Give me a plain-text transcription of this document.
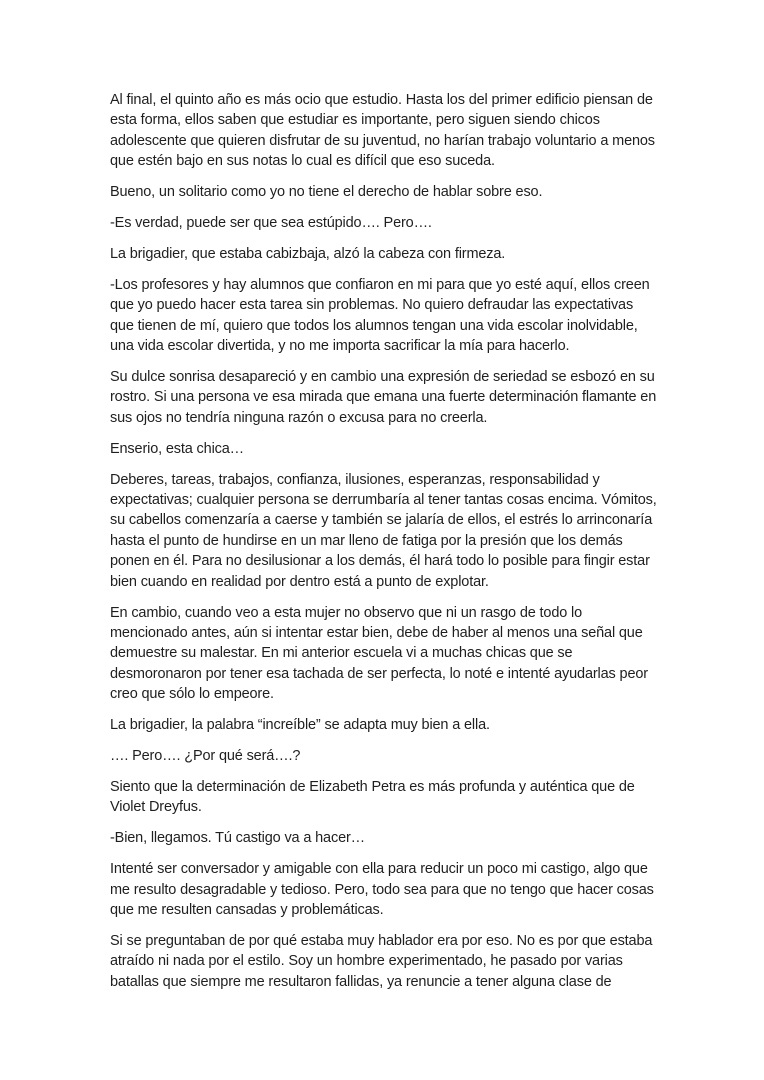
Al final, el quinto año es más ocio que estudio. Hasta los del primer edificio piensan de esta forma, ellos saben que estudiar es importante, pero siguen siendo chicos adolescente que quieren disfrutar de su juventud, no harían trabajo voluntario a menos que estén bajo en sus notas lo cual es difícil que eso suceda.

Bueno, un solitario como yo no tiene el derecho de hablar sobre eso.

-Es verdad, puede ser que sea estúpido…. Pero….

La brigadier, que estaba cabizbaja, alzó la cabeza con firmeza.

-Los profesores y hay alumnos que confiaron en mi para que yo esté aquí, ellos creen que yo puedo hacer esta tarea sin problemas. No quiero defraudar las expectativas que tienen de mí, quiero que todos los alumnos tengan una vida escolar inolvidable, una vida escolar divertida, y no me importa sacrificar la mía para hacerlo.

Su dulce sonrisa desapareció y en cambio una expresión de seriedad se esbozó en su rostro. Si una persona ve esa mirada que emana una fuerte determinación flamante en sus ojos no tendría ninguna razón o excusa para no creerla.

Enserio, esta chica…

Deberes, tareas, trabajos, confianza, ilusiones, esperanzas, responsabilidad y expectativas; cualquier persona se derrumbaría al tener tantas cosas encima. Vómitos, su cabellos comenzaría a caerse y también se jalaría de ellos, el estrés lo arrinconaría hasta el punto de hundirse en un mar lleno de fatiga por la presión que los demás ponen en él. Para no desilusionar a los demás, él hará todo lo posible para fingir estar bien cuando en realidad por dentro está a punto de explotar.

En cambio, cuando veo a esta mujer no observo que ni un rasgo de todo lo mencionado antes, aún si intentar estar bien, debe de haber al menos una señal que demuestre su malestar. En mi anterior escuela vi a muchas chicas que se desmoronaron por tener esa tachada de ser perfecta, lo noté e intenté ayudarlas peor creo que sólo lo empeore.

La brigadier, la palabra “increíble” se adapta muy bien a ella.

…. Pero…. ¿Por qué será….?

Siento que la determinación de Elizabeth Petra es más profunda y auténtica que de Violet Dreyfus.

-Bien, llegamos. Tú castigo va a hacer…

Intenté ser conversador y amigable con ella para reducir un poco mi castigo, algo que me resulto desagradable y tedioso. Pero, todo sea para que no tengo que hacer cosas que me resulten cansadas y problemáticas.

Si se preguntaban de por qué estaba muy hablador era por eso. No es por que estaba atraído ni nada por el estilo. Soy un hombre experimentado, he pasado por varias batallas que siempre me resultaron fallidas, ya renuncie a tener alguna clase de
